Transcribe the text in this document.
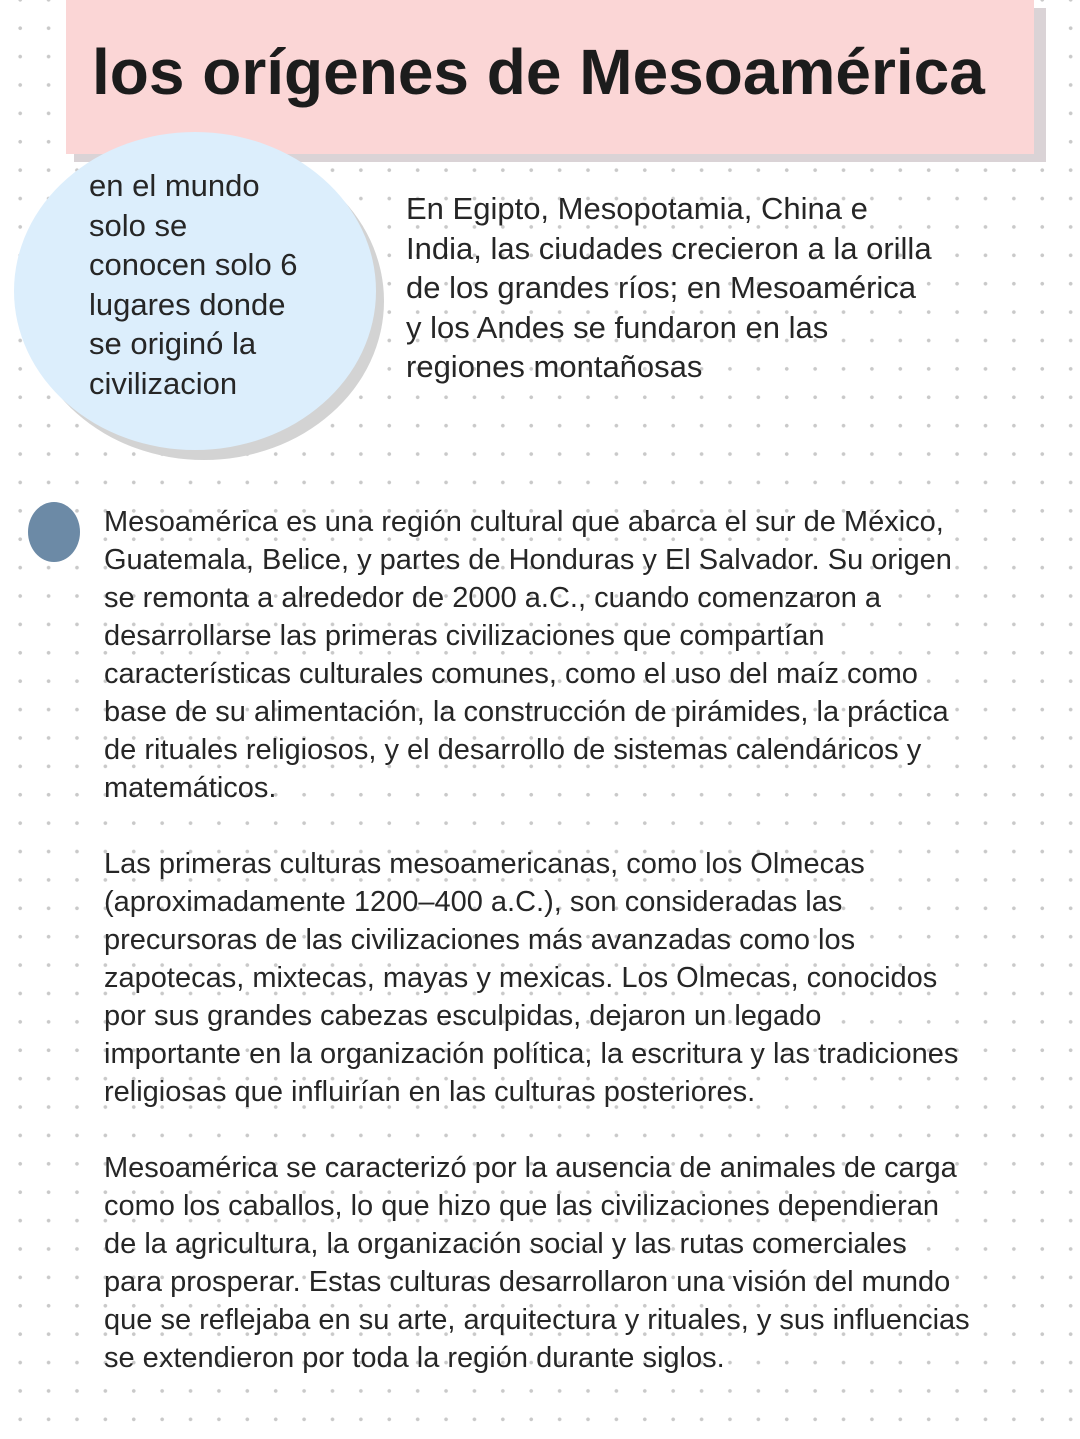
los orígenes de Mesoamérica
en el mundo
solo se
conocen solo 6
lugares donde
se originó la
civilizacion
En Egipto, Mesopotamia, China e
India, las ciudades crecieron a la orilla
de los grandes ríos; en Mesoamérica
y los Andes se fundaron en las
regiones montañosas

Mesoamérica es una región cultural que abarca el sur de México,
Guatemala, Belice, y partes de Honduras y El Salvador. Su origen
se remonta a alrededor de 2000 a.C., cuando comenzaron a
desarrollarse las primeras civilizaciones que compartían
características culturales comunes, como el uso del maíz como
base de su alimentación, la construcción de pirámides, la práctica
de rituales religiosos, y el desarrollo de sistemas calendáricos y
matemáticos.

Las primeras culturas mesoamericanas, como los Olmecas
(aproximadamente 1200–400 a.C.), son consideradas las
precursoras de las civilizaciones más avanzadas como los
zapotecas, mixtecas, mayas y mexicas. Los Olmecas, conocidos
por sus grandes cabezas esculpidas, dejaron un legado
importante en la organización política, la escritura y las tradiciones
religiosas que influirían en las culturas posteriores.

Mesoamérica se caracterizó por la ausencia de animales de carga
como los caballos, lo que hizo que las civilizaciones dependieran
de la agricultura, la organización social y las rutas comerciales
para prosperar. Estas culturas desarrollaron una visión del mundo
que se reflejaba en su arte, arquitectura y rituales, y sus influencias
se extendieron por toda la región durante siglos.
